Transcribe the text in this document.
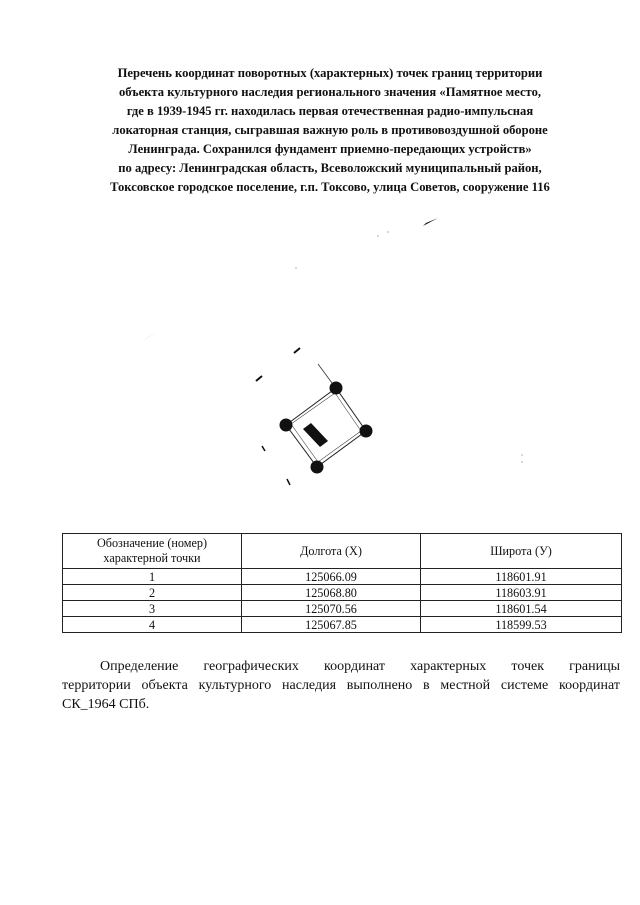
Перечень координат поворотных (характерных) точек границ территории
объекта культурного наследия регионального значения «Памятное место,
где в 1939-1945 гг. находилась первая отечественная радио-импульсная
локаторная станция, сыгравшая важную роль в противовоздушной обороне
Ленинграда. Сохранился фундамент приемно-передающих устройств»
по адресу: Ленинградская область, Всеволожский муниципальный район,
Токсовское городское поселение, г.п. Токсово, улица Советов, сооружение 116
Обозначение (номер)
характерной точки	Долгота (X)	Широта (У)
1	125066.09	118601.91
2	125068.80	118603.91
3	125070.56	118601.54
4	125067.85	118599.53
Определение географических координат характерных точек границы
территории объекта культурного наследия выполнено в местной системе координат
СК_1964 СПб.
